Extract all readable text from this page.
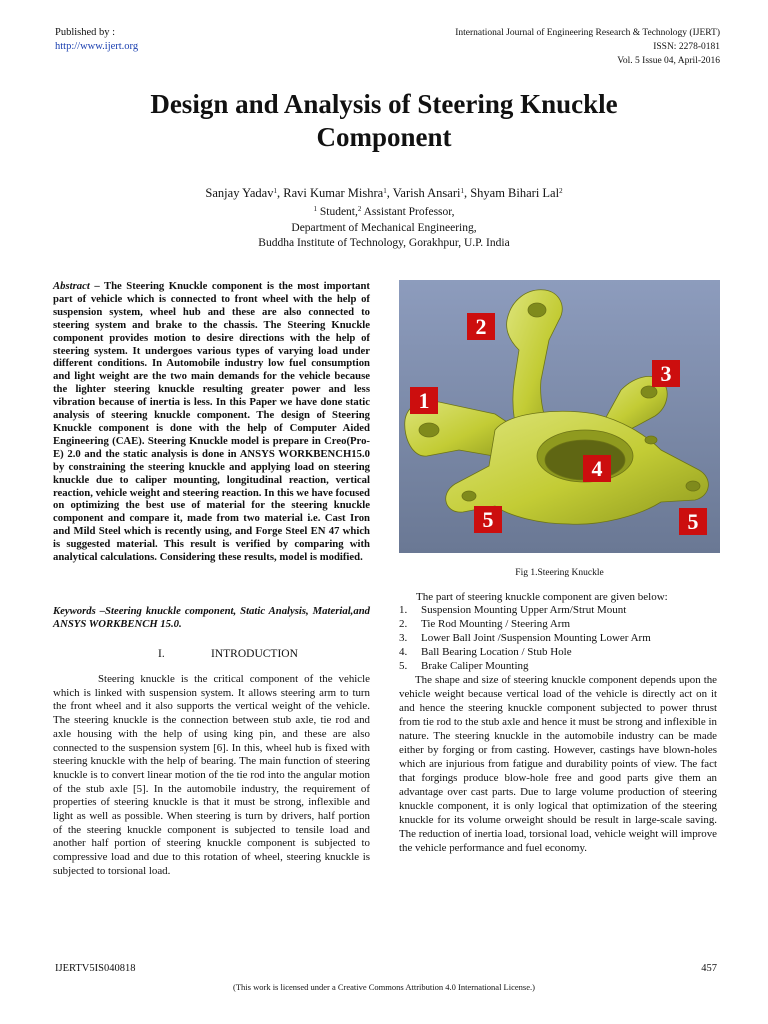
Published by :
http://www.ijert.org
International Journal of Engineering Research & Technology (IJERT)
ISSN: 2278-0181
Vol. 5 Issue 04, April-2016
Design and Analysis of Steering Knuckle
Component
Sanjay Yadav$^1$, Ravi Kumar Mishra$^1$, Varish Ansari$^1$, Shyam Bihari Lal$^2$
$^1$ Student,$^2$ Assistant Professor,
Department of Mechanical Engineering,
Buddha Institute of Technology, Gorakhpur, U.P. India
Abstract – The Steering Knuckle component is the most important part of vehicle which is connected to front wheel with the help of suspension system, wheel hub and these are also connected to steering system and brake to the chassis. The Steering Knuckle component provides motion to desire directions with the help of steering system. It undergoes various types of varying load under different conditions. In Automobile industry low fuel consumption and light weight are the two main demands for the vehicle because the lighter steering knuckle resulting greater power and less vibration because of inertia is less. In this Paper we have done static analysis of steering knuckle component. The design of Steering Knuckle component is done with the help of Computer Aided Engineering (CAE). Steering Knuckle model is prepare in Creo(Pro-E) 2.0 and the static analysis is done in ANSYS WORKBENCH15.0 by constraining the steering knuckle and applying load on steering knuckle due to caliper mounting, longitudinal reaction, vertical reaction, vehicle weight and steering reaction. In this we have focused on optimizing the best use of material for the steering knuckle component and compare it, made from two material i.e. Cast Iron and Mild Steel which is recently using, and Forge Steel EN 47 which is suggested material. This result is verified by comparing with analytical calculations. Considering these results, model is modified.
Keywords –Steering knuckle component, Static Analysis, Material,and ANSYS WORKBENCH 15.0.
I.	INTRODUCTION
Steering knuckle is the critical component of the vehicle which is linked with suspension system. It allows steering arm to turn the front wheel and it also supports the vertical weight of the vehicle. The steering knuckle is the connection between stub axle, tie rod and axle housing with the help of using king pin, and these are also connected to the suspension system [6]. In this, wheel hub is fixed with steering knuckle with the help of bearing. The main function of steering knuckle is to convert linear motion of the tie rod into the angular motion of the stub axle [5]. In the automobile industry, the requirement of properties of steering knuckle is that it must be strong, inflexible and light as well as possible. When steering is turn by drivers, half portion of the steering knuckle component is subjected to tensile load and another half portion of steering knuckle component is subjected to compressive load and due to this rotation of wheel, steering knuckle is subjected to torsional load.
1
2
3
4
5	5
Fig 1.Steering Knuckle
The part of steering knuckle component are given below:
1. Suspension Mounting Upper Arm/Strut Mount
2. Tie Rod Mounting / Steering Arm
3. Lower Ball Joint /Suspension Mounting Lower Arm
4. Ball Bearing Location / Stub Hole
5. Brake Caliper Mounting
The shape and size of steering knuckle component depends upon the vehicle weight because vertical load of the vehicle is directly act on it and hence the steering knuckle component subjected to power thrust from tie rod to the stub axle and hence it must be strong and inflexible in nature. The steering knuckle in the automobile industry can be made either by forging or from casting. However, castings have blown-holes which are injurious from fatigue and durability points of view. The fact that forgings produce blow-hole free and good parts give them an advantage over cast parts. Due to large volume production of steering knuckle component, it is only logical that optimization of the steering knuckle for its volume orweight should be result in large-scale saving. The reduction of inertia load, torsional load, vehicle weight will improve the vehicle performance and fuel economy.
IJERTV5IS040818	457
(This work is licensed under a Creative Commons Attribution 4.0 International License.)
